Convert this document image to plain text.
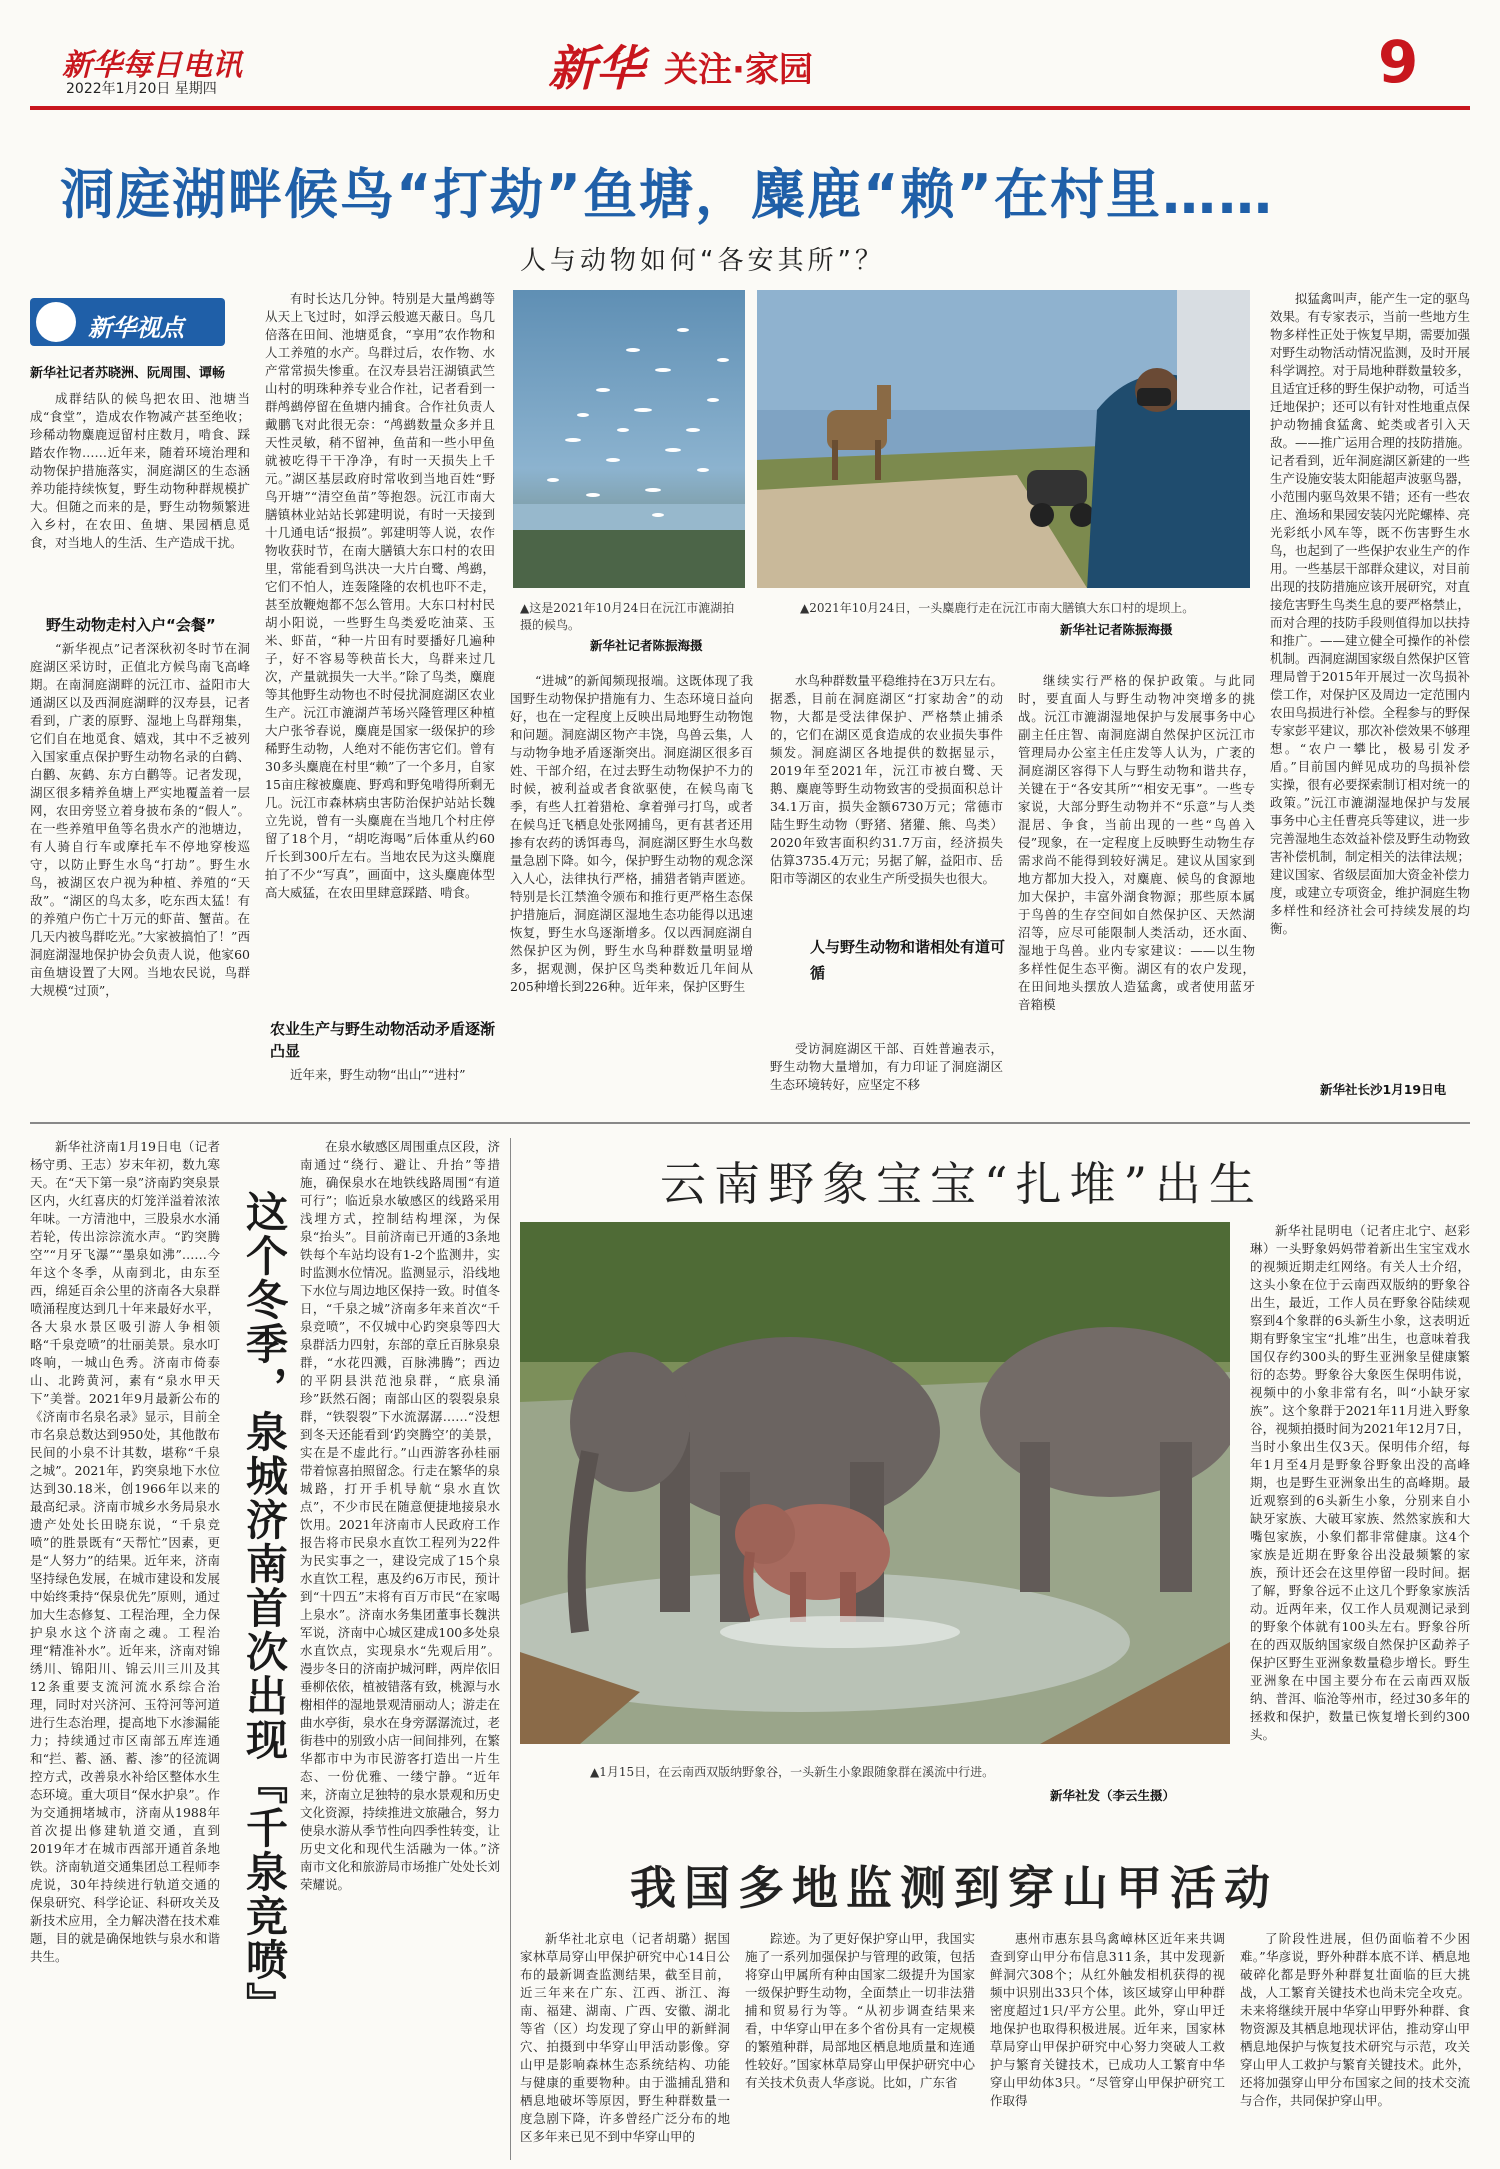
新华每日电讯
2022年1月20日 星期四	新华 关注·家园	9
洞庭湖畔候鸟“打劫”鱼塘，麋鹿“赖”在村里……
人与动物如何“各安其所”？
新华视点
新华社记者苏晓洲、阮周围、谭畅

成群结队的候鸟把农田、池塘当成“食堂”，造成农作物减产甚至绝收；珍稀动物麋鹿逗留村庄数月，啃食、踩踏农作物……近年来，随着环境治理和动物保护措施落实，洞庭湖区的生态涵养功能持续恢复，野生动物种群规模扩大。但随之而来的是，野生动物频繁进入乡村，在农田、鱼塘、果园栖息觅食，对当地人的生活、生产造成干扰。

野生动物走村入户“会餐”

“新华视点”记者深秋初冬时节在洞庭湖区采访时，正值北方候鸟南飞高峰期。在南洞庭湖畔的沅江市、益阳市大通湖区以及西洞庭湖畔的汉寿县，记者看到，广袤的原野、湿地上鸟群翔集，它们自在地觅食、嬉戏，其中不乏被列入国家重点保护野生动物名录的白鹤、白鹳、灰鹤、东方白鹳等。记者发现，湖区很多精养鱼塘上严实地覆盖着一层网，农田旁竖立着身披布条的“假人”。在一些养殖甲鱼等名贵水产的池塘边，有人骑自行车或摩托车不停地穿梭巡守，以防止野生水鸟“打劫”。野生水鸟，被湖区农户视为种植、养殖的“天敌”。“湖区的鸟太多，吃东西太猛！有的养殖户伤亡十万元的虾苗、蟹苗。在几天内被鸟群吃光。”大家被搞怕了！”西洞庭湖湿地保护协会负责人说，他家60亩鱼塘设置了大网。当地农民说，鸟群大规模“过顶”，

有时长达几分钟。特别是大量鸬鹚等从天上飞过时，如浮云般遮天蔽日。鸟几倍落在田间、池塘觅食，“享用”农作物和人工养殖的水产。鸟群过后，农作物、水产常常损失惨重。在汉寿县岩汪湖镇武竺山村的明珠种养专业合作社，记者看到一群鸬鹚停留在鱼塘内捕食。合作社负责人戴鹏飞对此很无奈：“鸬鹚数量众多并且天性灵敏，稍不留神，鱼苗和一些小甲鱼就被吃得干干净净，有时一天损失上千元。”湖区基层政府时常收到当地百姓“野鸟开塘”“清空鱼苗”等抱怨。沅江市南大膳镇林业站站长郭建明说，有时一天接到十几通电话“报损”。郭建明等人说，农作物收获时节，在南大膳镇大东口村的农田里，常能看到鸟洪决一大片白鹭、鸬鹚，它们不怕人，连轰隆隆的农机也吓不走，甚至放鞭炮都不怎么管用。大东口村村民胡小阳说，一些野生鸟类爱吃油菜、玉米、虾苗，“种一片田有时要播好几遍种子，好不容易等秧苗长大，鸟群来过几次，产量就损失一大半。”除了鸟类，麋鹿等其他野生动物也不时侵扰洞庭湖区农业生产。沅江市漉湖芦苇场兴隆管理区种植大户张爷春说，麋鹿是国家一级保护的珍稀野生动物，人绝对不能伤害它们。曾有30多头麋鹿在村里“赖”了一个多月，自家15亩庄稼被麋鹿、野鸡和野兔啃得所剩无几。沅江市森林病虫害防治保护站站长魏立先说，曾有一头麋鹿在当地几个村庄停留了18个月，“胡吃海喝”后体重从约60斤长到300斤左右。当地农民为这头麋鹿拍了不少“写真”，画面中，这头麋鹿体型高大威猛，在农田里肆意踩踏、啃食。

农业生产与野生动物活动矛盾逐渐凸显

近年来，野生动物“出山”“进村”

▲这是2021年10月24日在沅江市漉湖拍摄的候鸟。
新华社记者陈振海摄
▲2021年10月24日，一头麋鹿行走在沅江市南大膳镇大东口村的堤坝上。
新华社记者陈振海摄

“进城”的新闻频现报端。这既体现了我国野生动物保护措施有力、生态环境日益向好，也在一定程度上反映出局地野生动物饱和问题。洞庭湖区物产丰饶，鸟兽云集，人与动物争地矛盾逐渐突出。洞庭湖区很多百姓、干部介绍，在过去野生动物保护不力的时候，被利益或者食欲驱使，在候鸟南飞季，有些人扛着猎枪、拿着弹弓打鸟，或者在候鸟迁飞栖息处张网捕鸟，更有甚者还用掺有农药的诱饵毒鸟，洞庭湖区野生水鸟数量急剧下降。如今，保护野生动物的观念深入人心，法律执行严格，捕猎者销声匿迹。特别是长江禁渔令颁布和推行更严格生态保护措施后，洞庭湖区湿地生态功能得以迅速恢复，野生水鸟逐渐增多。仅以西洞庭湖自然保护区为例，野生水鸟种群数量明显增多，据观测，保护区鸟类种数近几年间从205种增长到226种。近年来，保护区野生

水鸟种群数量平稳维持在3万只左右。据悉，目前在洞庭湖区“打家劫舍”的动物，大都是受法律保护、严格禁止捕杀的，它们在湖区觅食造成的农业损失事件频发。洞庭湖区各地提供的数据显示，2019年至2021年，沅江市被白鹭、天鹅、麋鹿等野生动物致害的受损面积总计34.1万亩，损失金额6730万元；常德市陆生野生动物（野猪、猪獾、熊、鸟类）2020年致害面积约31.7万亩，经济损失估算3735.4万元；另据了解，益阳市、岳阳市等湖区的农业生产所受损失也很大。

人与野生动物和谐相处有道可循

受访洞庭湖区干部、百姓普遍表示，野生动物大量增加，有力印证了洞庭湖区生态环境转好，应坚定不移

继续实行严格的保护政策。与此同时，要直面人与野生动物冲突增多的挑战。沅江市漉湖湿地保护与发展事务中心副主任庄智、南洞庭湖自然保护区沅江市管理局办公室主任庄发等人认为，广袤的洞庭湖区容得下人与野生动物和谐共存，关键在于“各安其所”“相安无事”。一些专家说，大部分野生动物并不“乐意”与人类混居、争食，当前出现的一些“鸟兽入侵”现象，在一定程度上反映野生动物生存需求尚不能得到较好满足。建议从国家到地方都加大投入，对麋鹿、候鸟的食源地加大保护，丰富外湖食物源；那些原本属于鸟兽的生存空间如自然保护区、天然湖沼等，应尽可能限制人类活动，还水面、湿地于鸟兽。业内专家建议：——以生物多样性促生态平衡。湖区有的农户发现，在田间地头摆放人造猛禽，或者使用蓝牙音箱模

拟猛禽叫声，能产生一定的驱鸟效果。有专家表示，当前一些地方生物多样性正处于恢复早期，需要加强对野生动物活动情况监测，及时开展科学调控。对于局地种群数量较多，且适宜迁移的野生保护动物，可适当迁地保护；还可以有针对性地重点保护动物捕食猛禽、蛇类或者引入天敌。——推广运用合理的技防措施。记者看到，近年洞庭湖区新建的一些生产设施安装太阳能超声波驱鸟器，小范围内驱鸟效果不错；还有一些农庄、渔场和果园安装闪光陀螺棒、亮光彩纸小风车等，既不伤害野生水鸟，也起到了一些保护农业生产的作用。一些基层干部群众建议，对目前出现的技防措施应该开展研究，对直接危害野生鸟类生息的要严格禁止，而对合理的技防手段则值得加以扶持和推广。——建立健全可操作的补偿机制。西洞庭湖国家级自然保护区管理局曾于2015年开展过一次鸟损补偿工作，对保护区及周边一定范围内农田鸟损进行补偿。全程参与的野保专家彭平建议，那次补偿效果不够理想。“农户一攀比，极易引发矛盾。”目前国内鲜见成功的鸟损补偿实操，很有必要探索制订相对统一的政策。”沅江市漉湖湿地保护与发展事务中心主任曹亮兵等建议，进一步完善湿地生态效益补偿及野生动物致害补偿机制，制定相关的法律法规；建议国家、省级层面加大资金补偿力度，或建立专项资金，维护洞庭生物多样性和经济社会可持续发展的均衡。

新华社长沙1月19日电

新华社济南1月19日电（记者杨守勇、王志）岁末年初，数九寒天。在“天下第一泉”济南趵突泉景区内，火红喜庆的灯笼洋溢着浓浓年味。一方清池中，三股泉水水涌若轮，传出淙淙流水声。“趵突腾空”“月牙飞瀑”“墨泉如沸”……今年这个冬季，从南到北，由东至西，绵延百余公里的济南各大泉群喷涌程度达到几十年来最好水平，各大泉水景区吸引游人争相领略“千泉竞喷”的壮丽美景。泉水叮咚响，一城山色秀。济南市倚泰山、北跨黄河，素有“泉水甲天下”美誉。2021年9月最新公布的《济南市名泉名录》显示，目前全市名泉总数达到950处，其他散布民间的小泉不计其数，堪称“千泉之城”。2021年，趵突泉地下水位达到30.18米，创1966年以来的最高纪录。济南市城乡水务局泉水遗产处处长田晓东说，“千泉竞喷”的胜景既有“天帮忙”因素，更是“人努力”的结果。近年来，济南坚持绿色发展，在城市建设和发展中始终秉持“保泉优先”原则，通过加大生态修复、工程治理，全力保护泉水这个济南之魂。工程治理“精准补水”。近年来，济南对锦绣川、锦阳川、锦云川三川及其12条重要支流河流水系综合治理，同时对兴济河、玉符河等河道进行生态治理，提高地下水渗漏能力；持续通过市区南部五库连通和“拦、蓄、涵、蓄、渗”的径流调控方式，改善泉水补给区整体水生态环境。重大项目“保水护泉”。作为交通拥堵城市，济南从1988年首次提出修建轨道交通，直到2019年才在城市西部开通首条地铁。济南轨道交通集团总工程师李虎说，30年持续进行轨道交通的保泉研究、科学论证、科研攻关及新技术应用，全力解决潜在技术难题，目的就是确保地铁与泉水和谐共生。	这个冬季，泉城济南首次出现『千泉竞喷』

在泉水敏感区周围重点区段，济南通过“绕行、避让、升抬”等措施，确保泉水在地铁线路周围“有道可行”；临近泉水敏感区的线路采用浅埋方式，控制结构埋深，为保泉“抬头”。目前济南已开通的3条地铁每个车站均设有1-2个监测井，实时监测水位情况。监测显示，沿线地下水位与周边地区保持一致。时值冬日，“千泉之城”济南多年来首次“千泉竞喷”，不仅城中心趵突泉等四大泉群活力四射，东部的章丘百脉泉泉群，“水花四溅，百脉沸腾”；西边的平阴县洪范池泉群，“底泉涌珍”跃然石阁；南部山区的裂裂泉泉群，“铁裂裂”下水流潺潺……“没想到冬天还能看到‘趵突腾空’的美景，实在是不虚此行。”山西游客孙桂丽带着惊喜拍照留念。行走在繁华的泉城路，打开手机导航“泉水直饮点”，不少市民在随意便捷地接泉水饮用。2021年济南市人民政府工作报告将市民泉水直饮工程列为22件为民实事之一，建设完成了15个泉水直饮工程，惠及约6万市民，预计到“十四五”末将有百万市民“在家喝上泉水”。济南水务集团董事长魏洪军说，济南中心城区建成100多处泉水直饮点，实现泉水“先观后用”。漫步冬日的济南护城河畔，两岸依旧垂柳依依，植被错落有致，桃源与水榭相伴的湿地景观清丽动人；游走在曲水亭街，泉水在身旁潺潺流过，老街巷中的别致小店一间间排列，在繁华都市中为市民游客打造出一片生态、一份优雅、一缕宁静。“近年来，济南立足独特的泉水景观和历史文化资源，持续推进文旅融合，努力使泉水游从季节性向四季性转变，让历史文化和现代生活融为一体。”济南市文化和旅游局市场推广处处长刘荣耀说。

云南野象宝宝“扎堆”出生
▲1月15日，在云南西双版纳野象谷，一头新生小象跟随象群在溪流中行进。
新华社发（李云生摄）

新华社昆明电（记者庄北宁、赵彩琳）一头野象妈妈带着新出生宝宝戏水的视频近期走红网络。有关人士介绍，这头小象在位于云南西双版纳的野象谷出生，最近，工作人员在野象谷陆续观察到4个象群的6头新生小象，这表明近期有野象宝宝“扎堆”出生，也意味着我国仅存约300头的野生亚洲象呈健康繁衍的态势。野象谷大象医生保明伟说，视频中的小象非常有名，叫“小缺牙家族”。这个象群于2021年11月进入野象谷，视频拍摄时间为2021年12月7日，当时小象出生仅3天。保明伟介绍，每年1月至4月是野象谷野象出没的高峰期，也是野生亚洲象出生的高峰期。最近观察到的6头新生小象，分别来自小缺牙家族、大破耳家族、然然家族和大嘴包家族，小象们都非常健康。这4个家族是近期在野象谷出没最频繁的家族，预计还会在这里停留一段时间。据了解，野象谷远不止这几个野象家族活动。近两年来，仅工作人员观测记录到的野象个体就有100头左右。野象谷所在的西双版纳国家级自然保护区勐养子保护区野生亚洲象数量稳步增长。野生亚洲象在中国主要分布在云南西双版纳、普洱、临沧等州市，经过30多年的拯救和保护，数量已恢复增长到约300头。

我国多地监测到穿山甲活动

新华社北京电（记者胡璐）据国家林草局穿山甲保护研究中心14日公布的最新调查监测结果，截至目前，近三年来在广东、江西、浙江、海南、福建、湖南、广西、安徽、湖北等省（区）均发现了穿山甲的新鲜洞穴、拍摄到中华穿山甲活动影像。穿山甲是影响森林生态系统结构、功能与健康的重要物种。由于滥捕乱猎和栖息地破坏等原因，野生种群数量一度急剧下降，许多曾经广泛分布的地区多年来已见不到中华穿山甲的

踪迹。为了更好保护穿山甲，我国实施了一系列加强保护与管理的政策，包括将穿山甲属所有种由国家二级提升为国家一级保护野生动物，全面禁止一切非法猎捕和贸易行为等。“从初步调查结果来看，中华穿山甲在多个省份具有一定规模的繁殖种群，局部地区栖息地质量和连通性较好。”国家林草局穿山甲保护研究中心有关技术负责人华彦说。比如，广东省

惠州市惠东县鸟禽嶂林区近年来共调查到穿山甲分布信息311条，其中发现新鲜洞穴308个；从红外触发相机获得的视频中识别出33只个体，该区域穿山甲种群密度超过1只/平方公里。此外，穿山甲迁地保护也取得积极进展。近年来，国家林草局穿山甲保护研究中心努力突破人工救护与繁育关键技术，已成功人工繁育中华穿山甲幼体3只。“尽管穿山甲保护研究工作取得

了阶段性进展，但仍面临着不少困难。”华彦说，野外种群本底不详、栖息地破碎化都是野外种群复壮面临的巨大挑战，人工繁育关键技术也尚未完全攻克。未来将继续开展中华穿山甲野外种群、食物资源及其栖息地现状评估，推动穿山甲栖息地保护与恢复技术研究与示范，攻关穿山甲人工救护与繁育关键技术。此外，还将加强穿山甲分布国家之间的技术交流与合作，共同保护穿山甲。
